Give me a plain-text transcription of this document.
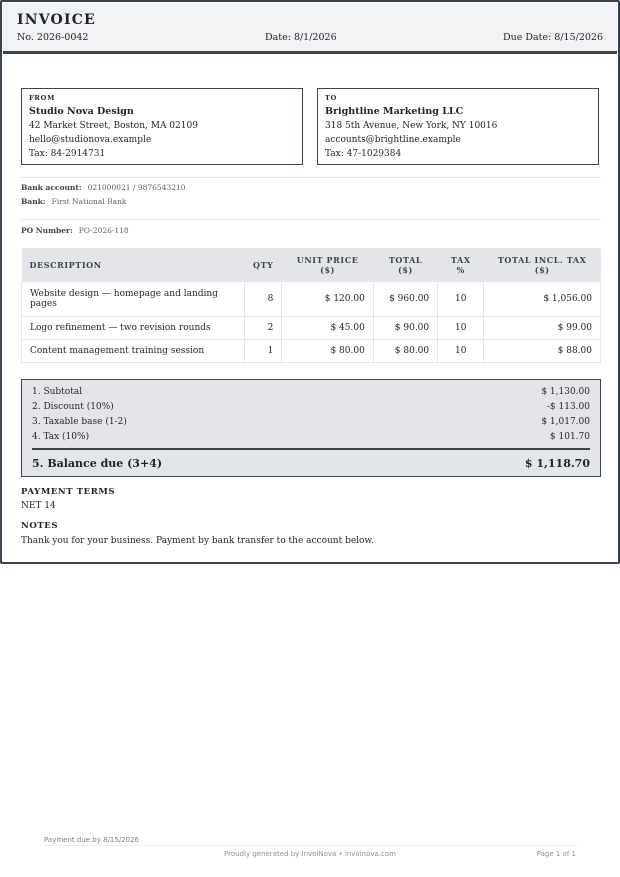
INVOICE
No. 2026-0042	Date: 8/1/2026	Due Date: 8/15/2026
FROM
Studio Nova Design
42 Market Street, Boston, MA 02109
hello@studionova.example
Tax: 84-2914731
TO
Brightline Marketing LLC
318 5th Avenue, New York, NY 10016
accounts@brightline.example
Tax: 47-1029384
Bank account: 021000021 / 9876543210
Bank: First National Bank
PO Number: PO-2026-118
DESCRIPTION	QTY	UNIT PRICE ($)	TOTAL ($)	TAX %	TOTAL INCL. TAX ($)
Website design — homepage and landing pages	8	$ 120.00	$ 960.00	10	$ 1,056.00
Logo refinement — two revision rounds	2	$ 45.00	$ 90.00	10	$ 99.00
Content management training session	1	$ 80.00	$ 80.00	10	$ 88.00
1. Subtotal	$ 1,130.00
2. Discount (10%)	-$ 113.00
3. Taxable base (1-2)	$ 1,017.00
4. Tax (10%)	$ 101.70
5. Balance due (3+4)	$ 1,118.70
PAYMENT TERMS
NET 14
NOTES
Thank you for your business. Payment by bank transfer to the account below.
Payment due by 8/15/2026
Proudly generated by InvoiNova • invoinova.com	Page 1 of 1
